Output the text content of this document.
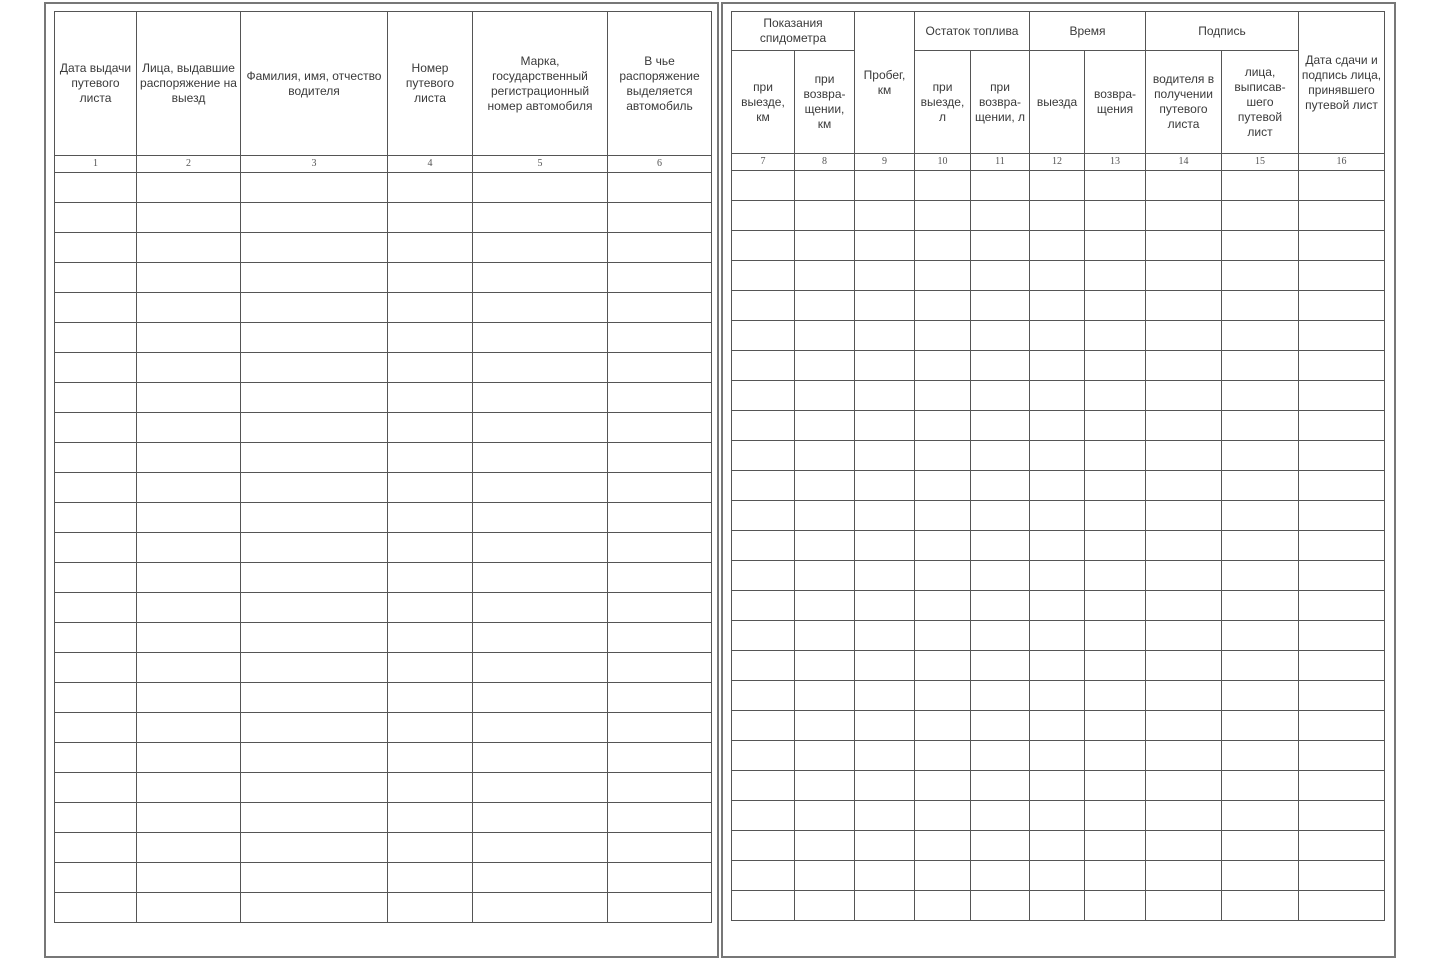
Дата выдачи путевого листа	Лица, выдавшие распоряжение на выезд	Фамилия, имя, отчество водителя	Номер путевого листа	Марка, государственный регистрационный номер автомобиля	В чье распоряжение выделяется автомобиль
1	2	3	4	5	6

Показания спидометра		Пробег, км	Остаток топлива		Время		Подпись		Дата сдачи и подпись лица, принявшего путевой лист
при выезде, км	при возвра-щении, км		при выезде, л	при возвра-щении, л	выезда	возвра-щения	водителя в получении путевого листа	лица, выписав-шего путевой лист	
7	8	9	10	11	12	13	14	15	16
